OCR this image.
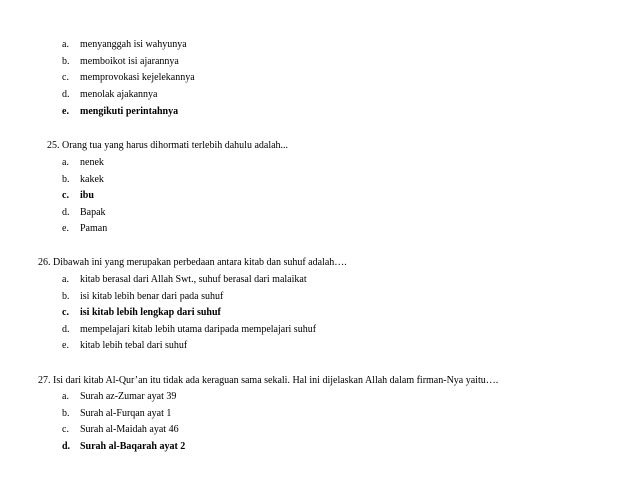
a. menyanggah isi wahyunya
b. memboikot isi ajarannya
c. memprovokasi kejelekannya
d. menolak ajakannya
e. mengikuti perintahnya
25. Orang tua yang harus dihormati terlebih dahulu adalah...
a. nenek
b. kakek
c. ibu
d. Bapak
e. Paman
26. Dibawah ini yang merupakan perbedaan antara kitab dan suhuf adalah….
a. kitab berasal dari Allah Swt., suhuf berasal dari malaikat
b. isi kitab lebih benar dari pada suhuf
c. isi kitab lebih lengkap dari suhuf
d. mempelajari kitab lebih utama daripada mempelajari suhuf
e. kitab lebih tebal dari suhuf
27. Isi dari kitab Al-Qur’an itu tidak ada keraguan sama sekali. Hal ini dijelaskan Allah dalam firman-Nya yaitu….
a. Surah az-Zumar ayat 39
b. Surah al-Furqan ayat 1
c. Surah al-Maidah ayat 46
d. Surah al-Baqarah ayat 2
